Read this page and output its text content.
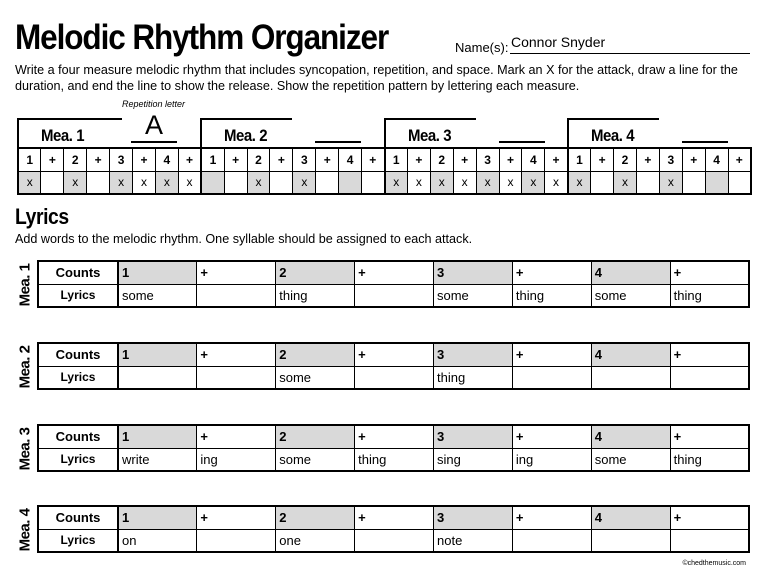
Melodic Rhythm Organizer	Name(s): Connor Snyder
Write a four measure melodic rhythm that includes syncopation, repetition, and space. Mark an X for the attack, draw a line for the duration, and end the line to show the release. Show the repetition pattern by lettering each measure.
Repetition letter
Mea. 1	A	Mea. 2	Mea. 3	Mea. 4
1	+	2	+	3	+	4	+	1	+	2	+	3	+	4	+	1	+	2	+	3	+	4	+	1	+	2	+	3	+	4	+
x		x		x	x	x	x			x		x				x	x	x	x	x	x	x	x	x		x		x			
Lyrics
Add words to the melodic rhythm. One syllable should be assigned to each attack.
Mea. 1 Counts	1	+	2	+	3	+	4	+
Lyrics	some		thing		some	thing	some	thing
Mea. 2 Counts	1	+	2	+	3	+	4	+
Lyrics			some		thing			
Mea. 3 Counts	1	+	2	+	3	+	4	+
Lyrics	write	ing	some	thing	sing	ing	some	thing
Mea. 4 Counts	1	+	2	+	3	+	4	+
Lyrics	on		one		note			
©chedthemusic.com
